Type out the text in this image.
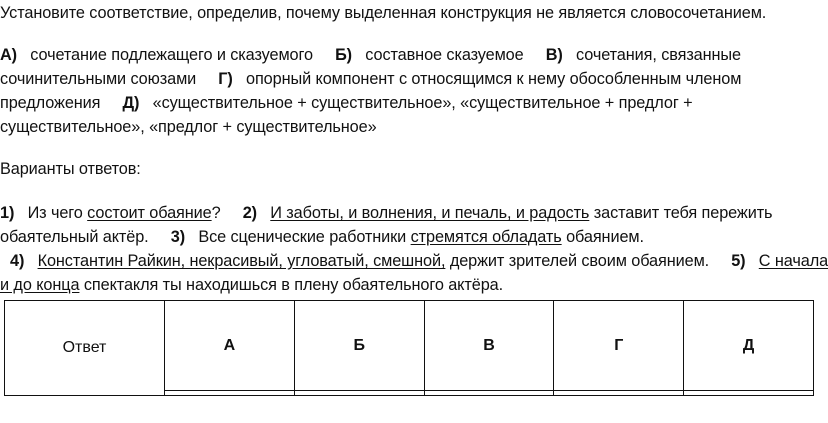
Установите соответствие, определив, почему выделенная конструкция не является словосочетанием.
А) сочетание подлежащего и сказуемого Б) составное сказуемое В) сочетания, связанные
сочинительными союзами Г) опорный компонент с относящимся к нему обособленным членом
предложения Д) «существительное + существительное», «существительное + предлог +
существительное», «предлог + существительное»
Варианты ответов:
1) Из чего состоит обаяние? 2) И заботы, и волнения, и печаль, и радость заставит тебя пережить
обаятельный актёр. 3) Все сценические работники стремятся обладать обаянием.
4) Константин Райкин, некрасивый, угловатый, смешной, держит зрителей своим обаянием. 5) С начала
и до конца спектакля ты находишься в плену обаятельного актёра.
Ответ	А	Б	В	Г	Д
